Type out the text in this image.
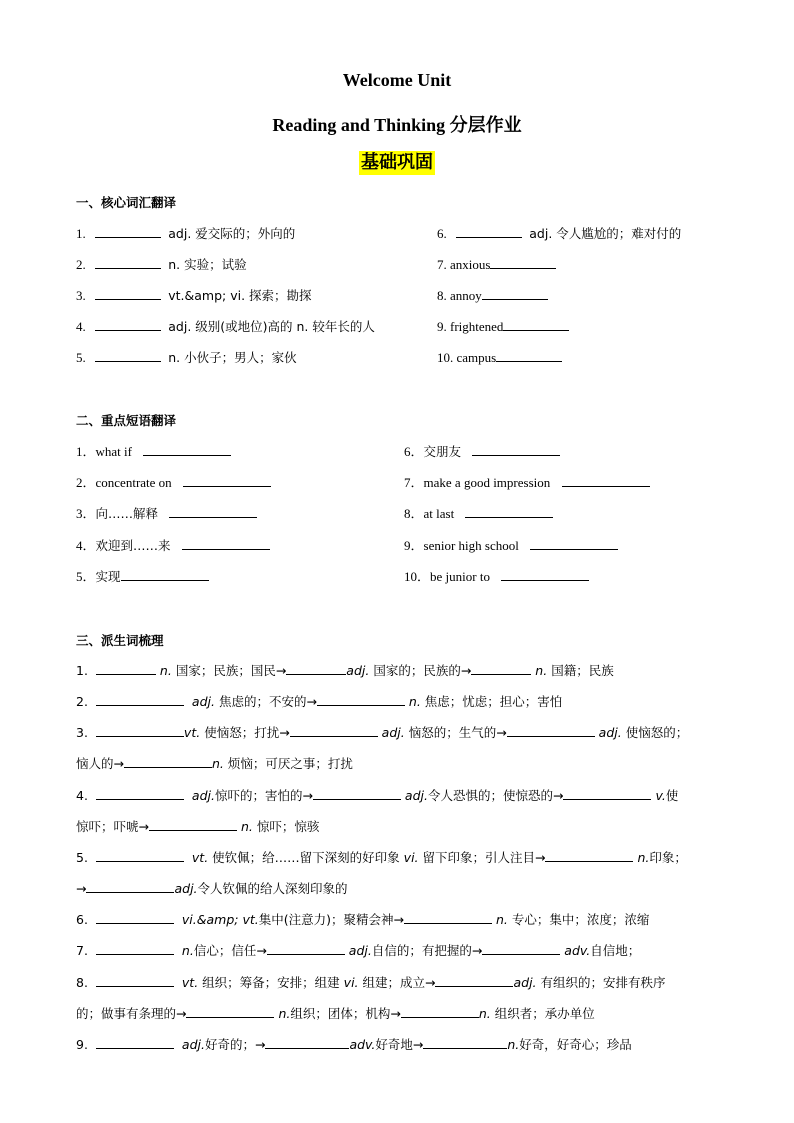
Welcome Unit
Reading and Thinking 分层作业
基础巩固
一、核心词汇翻译
1.	adj. 爱交际的；外向的
2.	n. 实验；试验
3.	vt.&amp; vi. 探索；勘探
4.	adj. 级别(或地位)高的 n. 较年长的人
5.	n. 小伙子；男人；家伙
6.	adj. 令人尴尬的；难对付的
7. anxious
8. annoy
9. frightened
10. campus
二、重点短语翻译
1．what if
2．concentrate on
3．向……解释
4．欢迎到……来
5．实现
6．交朋友
7．make a good impression
8．at last
9．senior high school
10．be junior to
三、派生词梳理
1.	n. 国家；民族；国民→	adj. 国家的；民族的→	n. 国籍；民族
2.	adj. 焦虑的；不安的→	n. 焦虑；忧虑；担心；害怕
3.	vt. 使恼怒；打扰→	adj. 恼怒的；生气的→	adj. 使恼怒的；
恼人的→	n. 烦恼；可厌之事；打扰
4.	adj.惊吓的；害怕的→	adj.令人恐惧的；使惊恐的→	v.使
惊吓；吓唬→	n. 惊吓；惊骇
5.	vt. 使钦佩；给……留下深刻的好印象 vi. 留下印象；引人注目→	n.印象；
→	adj.令人钦佩的给人深刻印象的
6.	vi.&amp; vt.集中(注意力)；聚精会神→	n. 专心；集中；浓度；浓缩
7.	n.信心；信任→	adj.自信的；有把握的→	adv.自信地；
8.	vt. 组织；筹备；安排；组建 vi. 组建；成立→	adj. 有组织的；安排有秩序
的；做事有条理的→	n.组织；团体；机构→	n. 组织者；承办单位
9.	adj.好奇的；→	adv.好奇地→	n.好奇，好奇心；珍品
